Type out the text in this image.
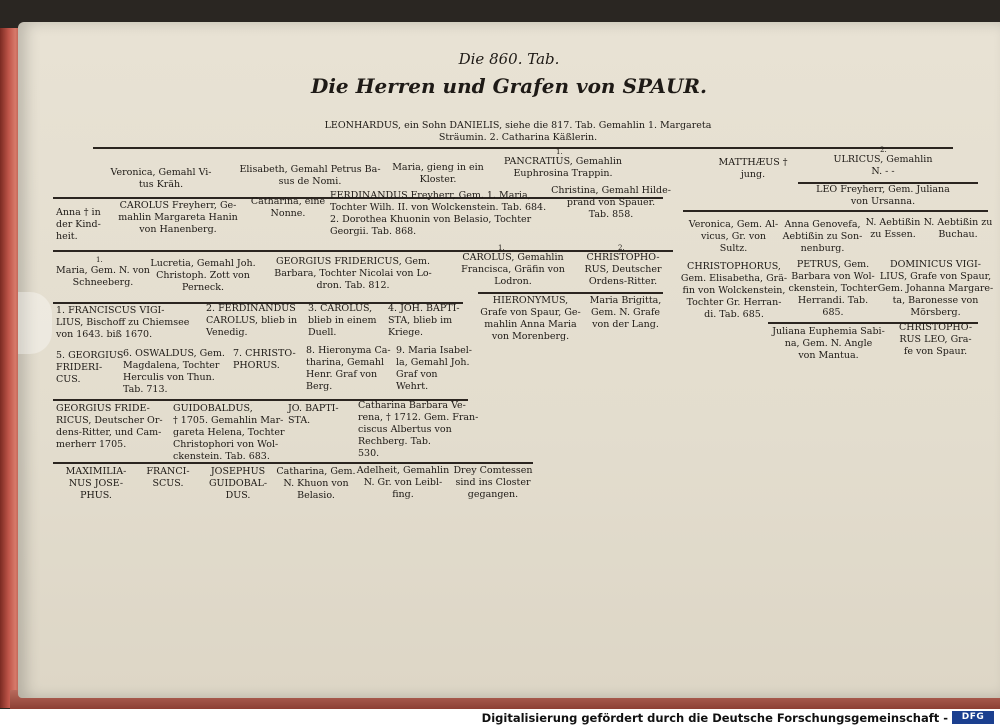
Die 860. Tab.
Die Herren und Grafen von SPAUR.
LEONHARDUS, ein Sohn DANIELIS, siehe die 817. Tab. Gemahlin 1. Margareta
Sträumin. 2. Catharina Käßlerin.
Veronica, Gemahl Vi-
tus Kräh.
Elisabeth, Gemahl Petrus Ba-
sus de Nomi.
Maria, gieng in ein
Kloster.
1.
PANCRATIUS, Gemahlin
Euphrosina Trappin.
MATTHÆUS †
jung.
2.
ULRICUS, Gemahlin
N. - -
Anna † in
der Kind-
heit.
CAROLUS Freyherr, Ge-
mahlin Margareta Hanin
von Hanenberg.
Catharina, eine
Nonne.
FERDINANDUS Freyherr, Gem. 1. Maria,
Tochter Wilh. II. von Wolckenstein. Tab. 684.
2. Dorothea Khuonin von Belasio, Tochter
Georgii. Tab. 868.
Christina, Gemahl Hilde-
prand von Spauer.
Tab. 858.
LEO Freyherr, Gem. Juliana
von Ursanna.
Veronica, Gem. Al-
vicus, Gr. von
Sultz.
Anna Genovefa,
Aebtißin zu Son-
nenburg.
N. Aebtißin
zu Essen.
N. Aebtißin zu
Buchau.
1.
Maria, Gem. N. von
Schneeberg.
Lucretia, Gemahl Joh.
Christoph. Zott von
Perneck.
GEORGIUS FRIDERICUS, Gem.
Barbara, Tochter Nicolai von Lo-
dron. Tab. 812.
1.
CAROLUS, Gemahlin
Francisca, Gräfin von
Lodron.
2.
CHRISTOPHO-
RUS, Deutscher
Ordens-Ritter.
CHRISTOPHORUS,
Gem. Elisabetha, Grä-
fin von Wolckenstein,
Tochter Gr. Herran-
di. Tab. 685.
PETRUS, Gem.
Barbara von Wol-
ckenstein, Tochter
Herrandi. Tab.
685.
DOMINICUS VIGI-
LIUS, Grafe von Spaur,
Gem. Johanna Margare-
ta, Baronesse von
Mörsberg.
Juliana Euphemia Sabi-
na, Gem. N. Angle
von Mantua.
CHRISTOPHO-
RUS LEO, Gra-
fe von Spaur.
HIERONYMUS,
Grafe von Spaur, Ge-
mahlin Anna Maria
von Morenberg.
Maria Brigitta,
Gem. N. Grafe
von der Lang.
1. FRANCISCUS VIGI-
LIUS, Bischoff zu Chiemsee
von 1643. biß 1670.
2. FERDINANDUS
CAROLUS, blieb in
Venedig.
3. CAROLUS,
blieb in einem
Duell.
4. JOH. BAPTI-
STA, blieb im
Kriege.
5. GEORGIUS
FRIDERI-
CUS.
6. OSWALDUS, Gem.
Magdalena, Tochter
Herculis von Thun.
Tab. 713.
7. CHRISTO-
PHORUS.
8. Hieronyma Ca-
tharina, Gemahl
Henr. Graf von
Berg.
9. Maria Isabel-
la, Gemahl Joh.
Graf von
Wehrt.
GEORGIUS FRIDE-
RICUS, Deutscher Or-
dens-Ritter, und Cam-
merherr 1705.
GUIDOBALDUS,
† 1705. Gemahlin Mar-
gareta Helena, Tochter
Christophori von Wol-
ckenstein. Tab. 683.
JO. BAPTI-
STA.
Catharina Barbara Ve-
rena, † 1712. Gem. Fran-
ciscus Albertus von
Rechberg. Tab.
530.
MAXIMILIA-
NUS JOSE-
PHUS.
FRANCI-
SCUS.
JOSEPHUS
GUIDOBAL-
DUS.
Catharina, Gem.
N. Khuon von
Belasio.
Adelheit, Gemahlin
N. Gr. von Leibl-
fing.
Drey Comtessen
sind ins Closter
gegangen.
Digitalisierung gefördert durch die Deutsche Forschungsgemeinschaft -	DFG
